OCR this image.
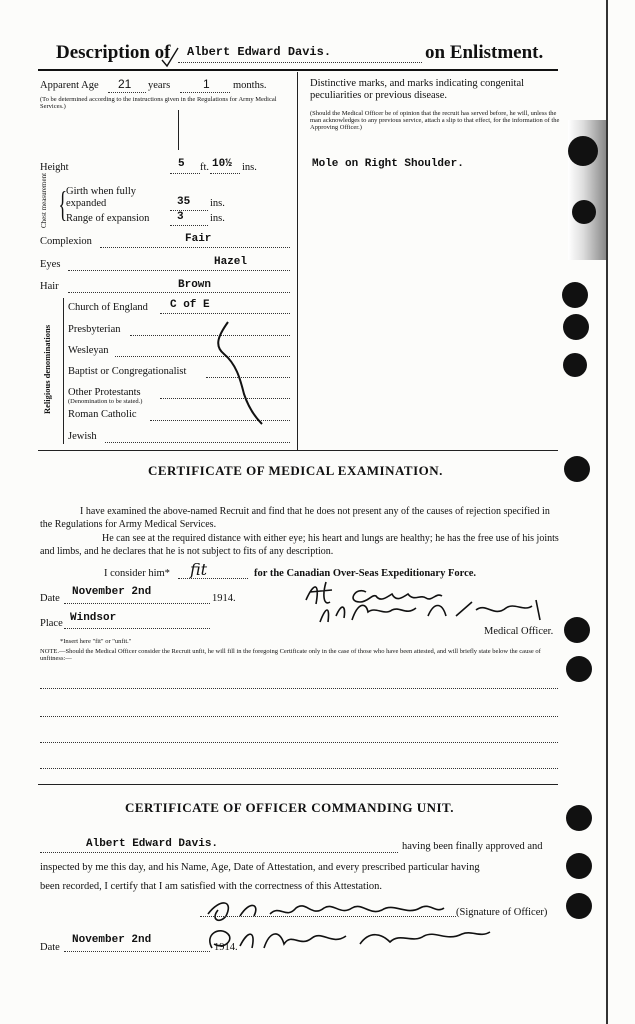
Description of Albert Edward Davis.	on Enlistment.
Apparent Age 21 years	1 months.
(To be determined according to the instructions given in the Regulations for Army Medical Services.)
Height	5 ft. 10½ ins.
Chest measurement { Girth when fully expanded	35 ins.
Range of expansion	3	ins.
Complexion	Fair
Eyes	Hazel
Hair	Brown
Religious denominations
Church of England C of E
Presbyterian
Wesleyan
Baptist or Congregationalist
Other Protestants
(Denomination to be stated.)
Roman Catholic
Jewish
Distinctive marks, and marks indicating congenital peculiarities or previous disease.
(Should the Medical Officer be of opinion that the recruit has served before, he will, unless the man acknowledges to any previous service, attach a slip to that effect, for the information of the Approving Officer.)
Mole on Right Shoulder.
CERTIFICATE OF MEDICAL EXAMINATION.
I have examined the above-named Recruit and find that he does not present any of the causes of rejection specified in the Regulations for Army Medical Services.
He can see at the required distance with either eye; his heart and lungs are healthy; he has the free use of his joints and limbs, and he declares that he is not subject to fits of any description.
I consider him* fit	for the Canadian Over-Seas Expeditionary Force.
Date
November 2nd
1914.
Place Windsor
Medical Officer.
*Insert here "fit" or "unfit."
NOTE.—Should the Medical Officer consider the Recruit unfit, he will fill in the foregoing Certificate only in the case of those who have been attested, and will briefly state below the cause of unfitness:—
CERTIFICATE OF OFFICER COMMANDING UNIT.
Albert Edward Davis.	having been finally approved and
inspected by me this day, and his Name, Age, Date of Attestation, and every prescribed particular having
been recorded, I certify that I am satisfied with the correctness of this Attestation.
(Signature of Officer)
Date
November 2nd
1914.
